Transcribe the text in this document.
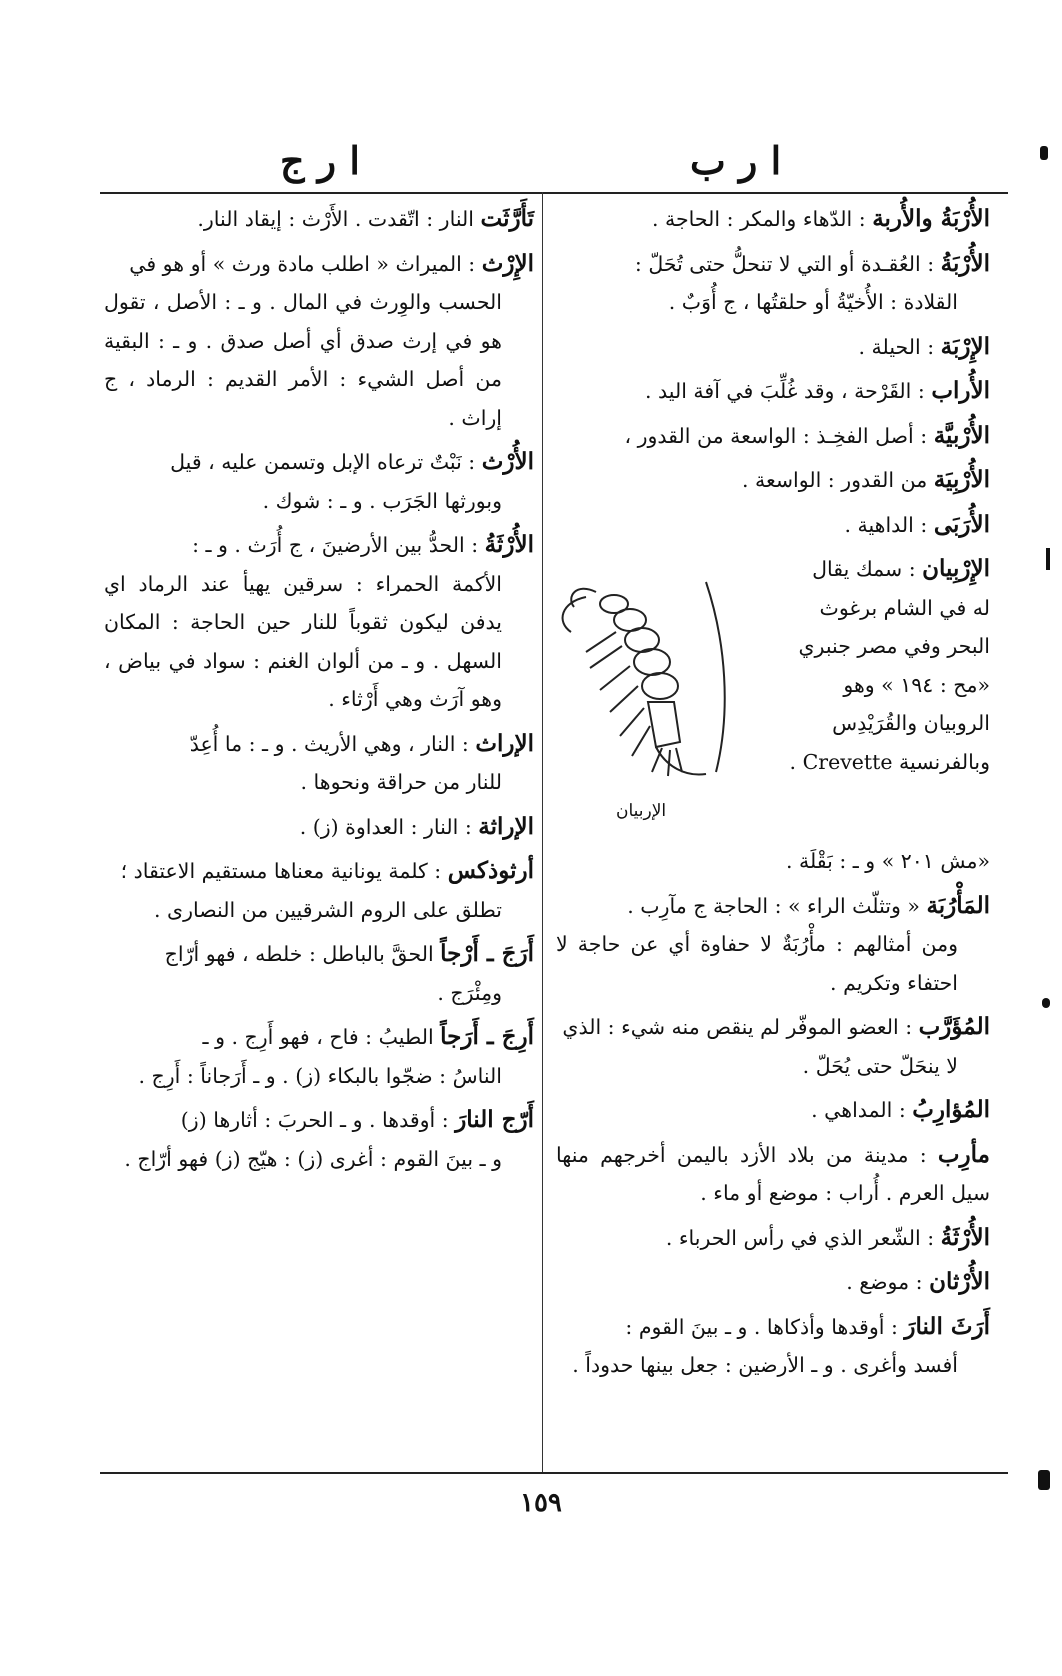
ا ر ب
ا ر ج
الأُرْبَةُ والأُربة : الدّهاء والمكر : الحاجة .
الأُرْبَةُ : العُقـدة أو التي لا تنحلُّ حتى تُحَلّ :
القلادة : الأُخيّةُ أو حلقتُها ، ج أُوَبٌ .
الإِرْبَة : الحيلة .
الأُراب : القَرْحة ، وقد غُلِّبَ في آفة اليد .
الأُرْبيَّة : أصل الفخِـذ : الواسعة من القدور ،
الأُرْبِيَة من القدور : الواسعة .
الأُرَبَى : الداهية .
الإِرْبِيان : سمك يقال
له في الشام برغوث
البحر وفي مصر جنبري
«مح : ١٩٤ » وهو
الروبيان والقُرَيْدِس
وبالفرنسية Crevette .
الإربيان
«مش ٢٠١ » و ـ : بَقْلَة .
المَأْرُبَة « وتثلّث الراء » : الحاجة ج مآرِب .
ومن أمثالهم : مأْرُبَةٌ لا حفاوة أي عن حاجة لا احتفاء وتكريم .
المُؤَرَّب : العضو الموفّر لم ينقص منه شيء : الذي
لا ينحَلّ حتى يُحَلّ .
المُؤارِبُ : المداهي .
مأرِب : مدينة من بلاد الأزد باليمن أخرجهم منها سيل العرم . أُراب : موضع أو ماء .
الأُرْثَةُ : الشّعر الذي في رأس الحرباء .
الأُرْثان : موضع .
أَرَثَ النارَ : أوقدها وأذكاها . و ـ بينَ القوم :
أفسد وأغرى . و ـ الأرضين : جعل بينها حدوداً .
تَأَرَّثَت النار : اتّقدت . الأَرْث : إيقاد النار.
الإِرْث : الميراث « اطلب مادة ورث » أو هو في
الحسب والوِرث في المال . و ـ : الأصل ، تقول هو في إرث صدق أي أصل صدق . و ـ : البقية من أصل الشيء : الأمر القديم : الرماد ، ج إراث .
الأُرْث : نَبْتٌ ترعاه الإبل وتسمن عليه ، قيل
وبورثها الجَرَب . و ـ : شوك .
الأُرْثَةُ : الحدُّ بين الأرضينَ ، ج أُرَث . و ـ :
الأكمة الحمراء : سرقين يهيأ عند الرماد اي يدفن ليكون ثقوباً للنار حين الحاجة : المكان السهل . و ـ من ألوان الغنم : سواد في بياض ، وهو آرَث وهي أَرْثاء .
الإراث : النار ، وهي الأريث . و ـ : ما أُعِدّ
للنار من حراقة ونحوها .
الإراثة : النار : العداوة (ز) .
أرثوذكس : كلمة يونانية معناها مستقيم الاعتقاد ؛
تطلق على الروم الشرقيين من النصارى .
أَرَجَ ـ أَرْجاً الحقَّ بالباطل : خلطه ، فهو أرّاج
ومِئْرَج .
أَرِجَ ـ أَرَجاً الطيبُ : فاح ، فهو أَرِج . و ـ
الناسُ : ضجّوا بالبكاء (ز) . و ـ أَرَجاناً : أَرِج .
أَرّج النارَ : أوقدها . و ـ الحربَ : أثارها (ز)
و ـ بينَ القوم : أغرى (ز) : هيّج (ز) فهو أرّاج .
١٥٩
